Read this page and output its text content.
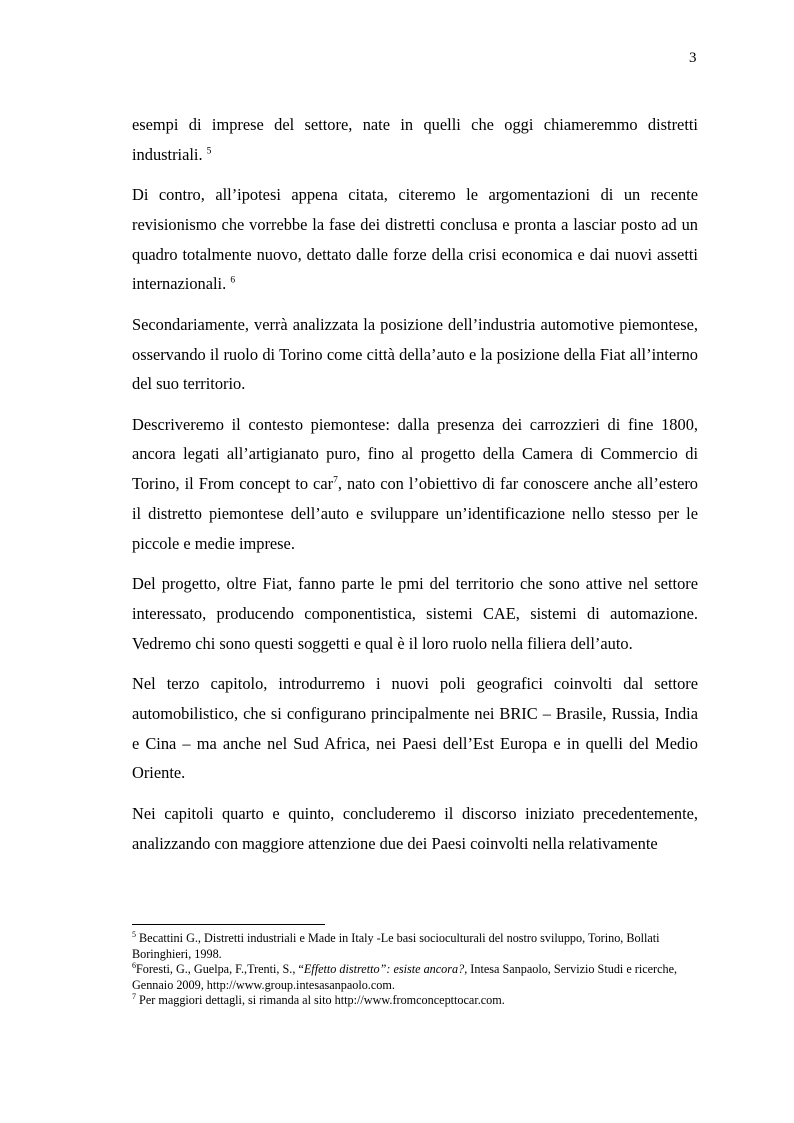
3

esempi di imprese del settore, nate in quelli che oggi chiameremmo distretti industriali. $^5$

Di contro, all’ipotesi appena citata, citeremo le argomentazioni di un recente revisionismo che vorrebbe la fase dei distretti conclusa e pronta a lasciar posto ad un quadro totalmente nuovo, dettato dalle forze della crisi economica e dai nuovi assetti internazionali. $^6$

Secondariamente, verrà analizzata la posizione dell’industria automotive piemontese, osservando il ruolo di Torino come città della’auto e la posizione della Fiat all’interno del suo territorio.

Descriveremo il contesto piemontese: dalla presenza dei carrozzieri di fine 1800, ancora legati all’artigianato puro, fino al progetto della Camera di Commercio di Torino, il From concept to car$^7$, nato con l’obiettivo di far conoscere anche all’estero il distretto piemontese dell’auto e sviluppare un’identificazione nello stesso per le piccole e medie imprese.

Del progetto, oltre Fiat, fanno parte le pmi del territorio che sono attive nel settore interessato, producendo componentistica, sistemi CAE, sistemi di automazione. Vedremo chi sono questi soggetti e qual è il loro ruolo nella filiera dell’auto.

Nel terzo capitolo, introdurremo i nuovi poli geografici coinvolti dal settore automobilistico, che si configurano principalmente nei BRIC – Brasile, Russia, India e Cina – ma anche nel Sud Africa, nei Paesi dell’Est Europa e in quelli del Medio Oriente.

Nei capitoli quarto e quinto, concluderemo il discorso iniziato precedentemente, analizzando con maggiore attenzione due dei Paesi coinvolti nella relativamente

$^5$ Becattini G., Distretti industriali e Made in Italy -Le basi socioculturali del nostro sviluppo, Torino, Bollati Boringhieri, 1998.

$^6$Foresti, G., Guelpa, F.,Trenti, S., “Effetto distretto”: esiste ancora?, Intesa Sanpaolo, Servizio Studi e ricerche, Gennaio 2009, http://www.group.intesasanpaolo.com.

$^7$ Per maggiori dettagli, si rimanda al sito http://www.fromconcepttocar.com.
